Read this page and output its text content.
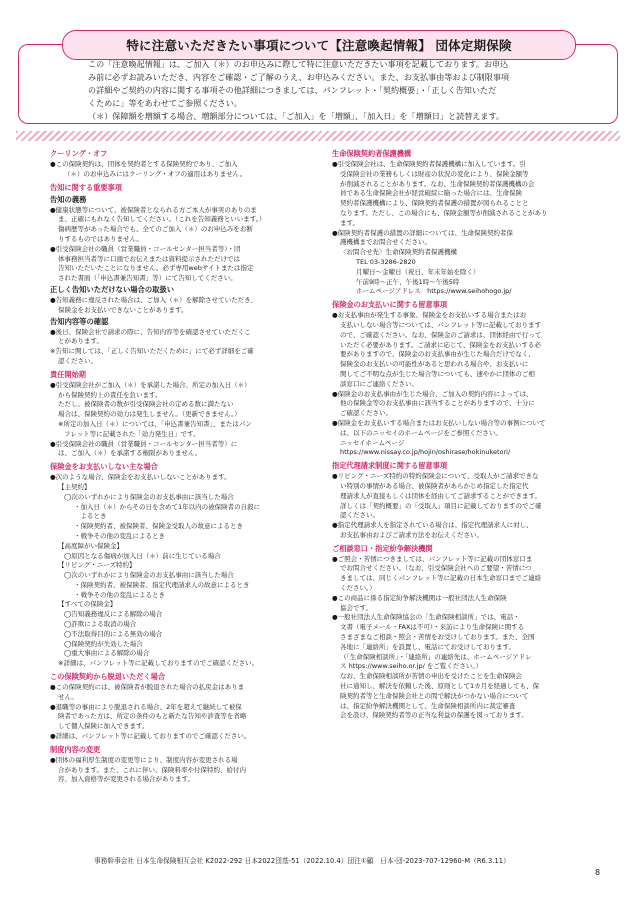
特に注意いただきたい事項について【注意喚起情報】 団体定期保険

この「注意喚起情報」は、ご加入（＊）のお申込みに際して特に注意いただきたい事項を記載しております。お申込

み前に必ずお読みいただき、内容をご確認・ご了解のうえ、お申込みください。また、お支払事由等および制限事項

の詳細やご契約の内容に関する事項その他詳細につきましては、パンフレット・「契約概要」・「正しく告知いただ

くために」等をあわせてご参照ください。

（＊）保障額を増額する場合、増額部分については、「ご加入」を「増額」、「加入日」を「増額日」と読替えます。

クーリング・オフ

●この保険契約は、団体を契約者とする保険契約であり、ご加入

（＊）のお申込みにはクーリング・オフの適用はありません。

告知に関する重要事項

告知の義務

●健康状態等について、被保険者となられる方ご本人が事実のありのま

ま、正確にもれなく告知してください。（これを告知義務といいます。）

傷病歴等があった場合でも、全てのご加入（＊）のお申込みをお断

りするものではありません。

●引受保険会社の職員（営業職員・コールセンター担当者等）・団

体事務担当者等に口頭でお伝えまたは資料提示されただけでは

告知いただいたことになりません。必ず専用webサイトまたは指定

された書面（「申込書兼告知書」等）にて告知してください。

正しく告知いただけない場合の取扱い

●告知義務に違反された場合は、ご加入（＊）を解除させていただき、

保険金をお支払いできないことがあります。

告知内容等の確認

●後日、保険会社で請求の際に、告知内容等を確認させていただくこ

とがあります。

※告知に関しては、「正しく告知いただくために」にて必ず詳細をご確

認ください。

責任開始期

●引受保険会社がご加入（＊）を承諾した場合、所定の加入日（＊）

から保険契約上の責任を負います。

ただし、被保険者の数が引受保険会社の定める数に満たない

場合は、保険契約の効力は発生しません。（更新できません。）

※所定の加入日（＊）については、「申込書兼告知書」、またはパン

フレット等に記載された「効力発生日」です。

●引受保険会社の職員（営業職員・コールセンター担当者等）に

は、ご加入（＊）を承諾する権限がありません。

保険金をお支払いしない主な場合

●次のような場合、保険金をお支払いしないことがあります。

【主契約】

◯次のいずれかにより保険金のお支払事由に該当した場合

・加入日（＊）からその日を含めて1年以内の被保険者の自殺に

　よるとき

・保険契約者、被保険者、保険金受取人の故意によるとき

・戦争その他の変乱によるとき

【高度障がい保険金】

◯原因となる傷病が加入日（＊）前に生じている場合

【リビング・ニーズ特約】

◯次のいずれかにより保険金のお支払事由に該当した場合

・保険契約者、被保険者、指定代理請求人の故意によるとき

・戦争その他の変乱によるとき

【すべての保険金】

◯告知義務違反による解除の場合

◯詐欺による取消の場合

◯不法取得目的による無効の場合

◯保険契約が失効した場合

◯重大事由による解除の場合

※詳細は、パンフレット等に記載しておりますのでご確認ください。

この保険契約から脱退いただく場合

●この保険契約には、被保険者が脱退された場合の払戻金はありま

せん。

●退職等の事由により脱退される場合、2年を超えて継続して被保

険者であった方は、所定の条件のもと新たな告知や診査等を省略

して個人保険に加入できます。

●詳細は、パンフレット等に記載しておりますのでご確認ください。

制度内容の変更

●団体の福利厚生制度の変更等により、制度内容が変更される場

合があります。また、これに伴い、保険料率や付保特約、給付内

容、加入資格等が変更される場合があります。

生命保険契約者保護機構

●引受保険会社は、生命保険契約者保護機構に加入しています。引

受保険会社の業務もしくは財産の状況の変化により、保険金額等

が削減されることがあります。なお、生命保険契約者保護機構の会

員である生命保険会社が経営破綻に陥った場合には、生命保険

契約者保護機構により、保険契約者保護の措置が図られることと

なります。ただし、この場合にも、保険金額等が削減されることがあり

ます。

●保険契約者保護の措置の詳細については、生命保険契約者保

護機構までお問合せください。

〈お問合せ先〉生命保険契約者保護機構

TEL 03-3286-2820

月曜日～金曜日（祝日、年末年始を除く）

午前9時～正午、午後1時～午後5時

ホームページアドレス　https://www.seihohogo.jp/

保険金のお支払いに関する留意事項

●お支払事由が発生する事象、保険金をお支払いする場合またはお

支払いしない場合等については、パンフレット等に記載しております

ので、ご確認ください。なお、保険金のご請求は、団体経由で行って

いただく必要があります。ご請求に応じて、保険金をお支払いする必

要がありますので、保険金のお支払事由が生じた場合だけでなく、

保険金のお支払いの可能性があると思われる場合や、お支払いに

関してご不明な点が生じた場合等についても、速やかに団体のご相

談窓口にご連絡ください。

●保険金のお支払事由が生じた場合、ご加入の契約内容によっては、

他の保険金等のお支払事由に該当することがありますので、十分に

ご確認ください。

●保険金をお支払いする場合またはお支払いしない場合等の事例について

は、以下のニッセイのホームページをご参照ください。

ニッセイホームページ

https://www.nissay.co.jp/hojin/oshirase/hokinuketori/

指定代理請求制度に関する留意事項

●リビング・ニーズ特約の特約保険金について、受取人がご請求できな

い特別の事情がある場合、被保険者があらかじめ指定した指定代

理請求人が直接もしくは団体を経由してご請求することができます。

詳しくは「契約概要」の「受取人」項目に記載しておりますのでご確

認ください。

●指定代理請求人を指定されている場合は、指定代理請求人に対し、

お支払事由およびご請求方法をお伝えください。

ご相談窓口・指定紛争解決機関

●ご照会・苦情につきましては、パンフレット等に記載の団体窓口ま

でお問合せください。（なお、引受保険会社へのご要望・苦情につ

きましては、同じくパンフレット等に記載の日本生命窓口までご連絡

ください。）

●この商品に係る指定紛争解決機関は一般社団法人生命保険

協会です。

●一般社団法人生命保険協会の「生命保険相談所」では、電話・

文書（電子メール・FAXは不可）・来訪により生命保険に関する

さまざまなご相談・照会・苦情をお受けしております。また、全国

各地に「連絡所」を設置し、電話にてお受けしております。

（「生命保険相談所」・「連絡所」の連絡先は、ホームページアドレ

ス https://www.seiho.or.jp/ をご覧ください。）

なお、生命保険相談所が苦情の申出を受けたことを生命保険会

社に通知し、解決を依頼した後、原則として1カ月を経過しても、保

険契約者等と生命保険会社との間で解決がつかない場合について

は、指定紛争解決機関として、生命保険相談所内に裁定審査

会を設け、保険契約者等の正当な利益の保護を図っております。

事務幹事会社 日本生命保険相互会社 K2022-292 日本2022団基-51（2022.10.4）団注①顧　日本-団-2023-707-12960-M（R6.3.11）
8
